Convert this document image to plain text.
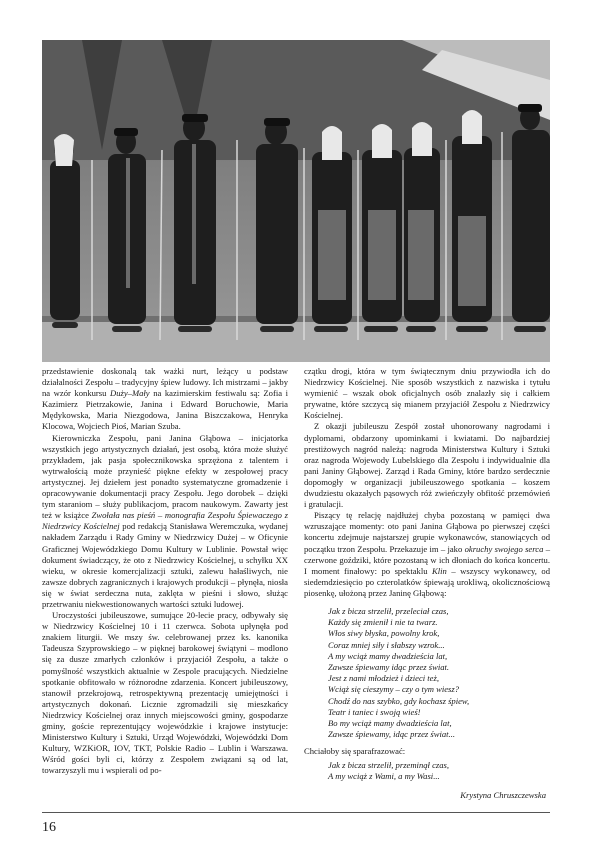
przedstawienie doskonalą tak ważki nurt, leżący u podstaw działalności Zespołu – tradycyjny śpiew ludowy. Ich mistrzami – jakby na wzór konkursu Duży–Mały na kazimierskim festiwalu są: Zofia i Kazimierz Pietrzakowie, Janina i Edward Boruchowie, Maria Mędykowska, Maria Niezgodowa, Janina Biszczakowa, Henryka Klocowa, Wojciech Pioś, Marian Szuba.

Kierowniczka Zespołu, pani Janina Głąbowa – inicjatorka wszystkich jego artystycznych działań, jest osobą, która może służyć przykładem, jak pasja społecznikowska sprzężona z talentem i wytrwałością może przynieść piękne efekty w zespołowej pracy artystycznej. Jej dziełem jest ponadto systematyczne gromadzenie i opracowywanie dokumentacji pracy Zespołu. Jego dorobek – dzięki tym staraniom – służy publikacjom, pracom naukowym. Zawarty jest też w książce Zwołała nas pieśń – monografia Zespołu Śpiewaczego z Niedrzwicy Kościelnej pod redakcją Stanisława Weremczuka, wydanej nakładem Zarządu i Rady Gminy w Niedrzwicy Dużej – w Oficynie Graficznej Wojewódzkiego Domu Kultury w Lublinie. Powstał więc dokument świadczący, że oto z Niedrzwicy Kościelnej, u schyłku XX wieku, w okresie komercjalizacji sztuki, zalewu hałaśliwych, nie zawsze dobrych zagranicznych i krajowych produkcji – płynęła, niosła się w świat serdeczna nuta, zaklęta w pieśni i słowo, służąc przetrwaniu niekwestionowanych wartości sztuki ludowej.

Uroczystości jubileuszowe, sumujące 20-lecie pracy, odbywały się w Niedrzwicy Kościelnej 10 i 11 czerwca. Sobota upłynęła pod znakiem liturgii. We mszy św. celebrowanej przez ks. kanonika Tadeusza Szyprowskiego – w pięknej barokowej świątyni – modlono się za dusze zmarłych członków i przyjaciół Zespołu, a także o pomyślność wszystkich aktualnie w Zespole pracujących. Niedzielne spotkanie obfitowało w różnorodne zdarzenia. Koncert jubileuszowy, stanowił przekrojową, retrospektywną prezentację umiejętności i artystycznych dokonań. Licznie zgromadzili się mieszkańcy Niedrzwicy Kościelnej oraz innych miejscowości gminy, gospodarze gminy, goście reprezentujący wojewódzkie i krajowe instytucje: Ministerstwo Kultury i Sztuki, Urząd Wojewódzki, Wojewódzki Dom Kultury, WZKiOR, IOV, TKT, Polskie Radio – Lublin i Warszawa. Wśród gości byli ci, którzy z Zespołem związani są od lat, towarzyszyli mu i wspierali od po-

czątku drogi, która w tym świątecznym dniu przywiodła ich do Niedrzwicy Kościelnej. Nie sposób wszystkich z nazwiska i tytułu wymienić – wszak obok oficjalnych osób znalazły się i całkiem prywatne, które szczycą się mianem przyjaciół Zespołu z Niedrzwicy Kościelnej.

Z okazji jubileuszu Zespół został uhonorowany nagrodami i dyplomami, obdarzony upominkami i kwiatami. Do najbardziej prestiżowych nagród należą: nagroda Ministerstwa Kultury i Sztuki oraz nagroda Wojewody Lubelskiego dla Zespołu i indywidualnie dla pani Janiny Głąbowej. Zarząd i Rada Gminy, które bardzo serdecznie dopomogły w organizacji jubileuszowego spotkania – koszem dwudziestu okazałych pąsowych róż zwieńczyły obfitość przemówień i gratulacji.

Piszący tę relację najdłużej chyba pozostaną w pamięci dwa wzruszające momenty: oto pani Janina Głąbowa po pierwszej części koncertu zdejmuje najstarszej grupie wykonawców, stanowiących od początku trzon Zespołu. Przekazuje im – jako okruchy swojego serca – czerwone goździki, które pozostaną w ich dłoniach do końca koncertu. I moment finałowy: po spektaklu Klin – wszyscy wykonawcy, od siedemdziesięcio po czterolatków śpiewają urokliwą, okolicznościową piosenkę, ułożoną przez Janinę Głąbową:

Jak z bicza strzelił, przeleciał czas,
Każdy się zmienił i nie ta twarz.
Włos siwy błyska, powolny krok,
Coraz mniej siły i słabszy wzrok...
A my wciąż mamy dwadzieścia lat,
Zawsze śpiewamy idąc przez świat.
Jest z nami młodzież i dzieci też,
Wciąż się cieszymy – czy o tym wiesz?
Chodź do nas szybko, gdy kochasz śpiew,
Teatr i taniec i swoją wieś!
Bo my wciąż mamy dwadzieścia lat,
Zawsze śpiewamy, idąc przez świat...

Chciałoby się sparafrazować:

Jak z bicza strzelił, przeminął czas,
A my wciąż z Wami, a my Wasi...
Krystyna Chruszczewska
16
